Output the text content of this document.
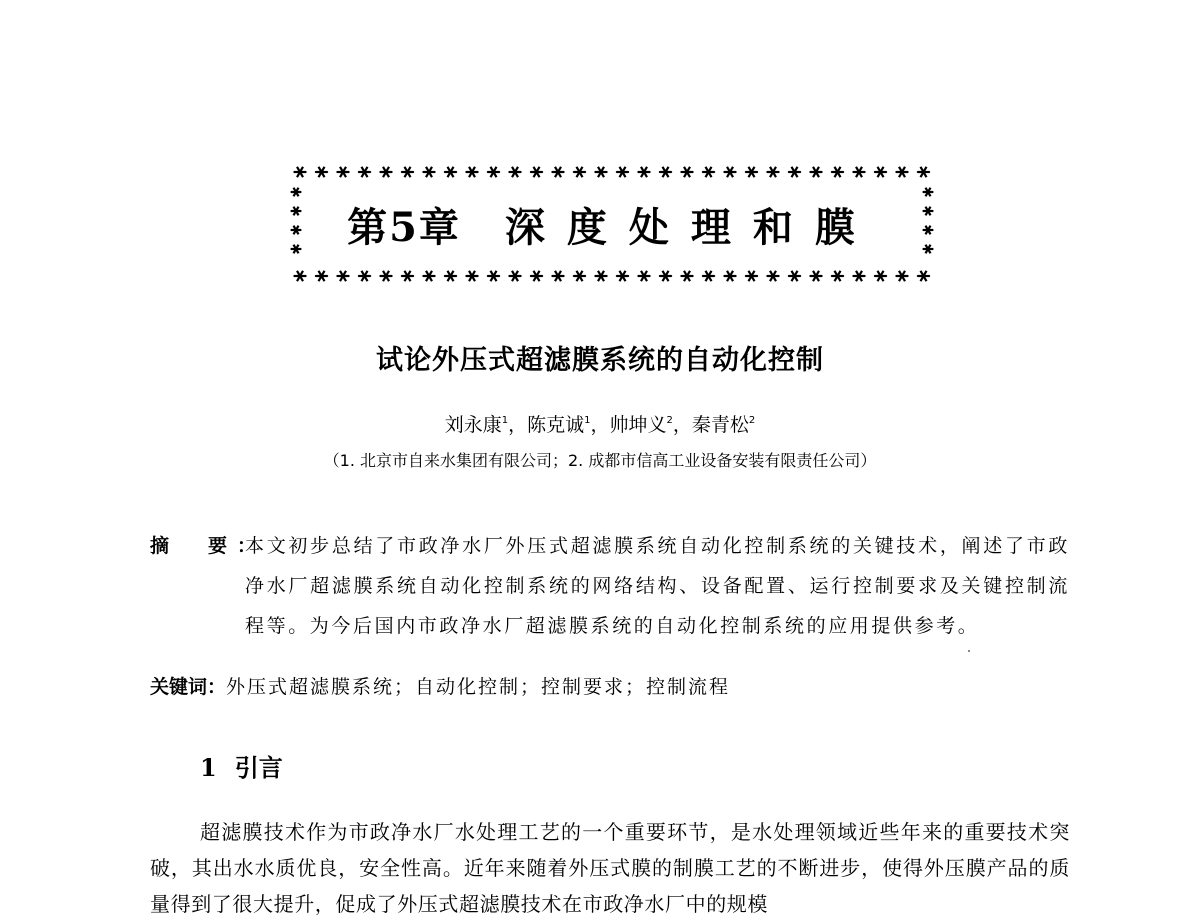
第5章 深度处理和膜
试论外压式超滤膜系统的自动化控制
刘永康$^1$，陈克诚$^1$，帅坤义$^2$，秦青松$^2$
（1. 北京市自来水集团有限公司；2. 成都市信高工业设备安装有限责任公司）
摘　要：
本文初步总结了市政净水厂外压式超滤膜系统自动化控制系统的关键技术，阐述了市政净水厂超滤膜系统自动化控制系统的网络结构、设备配置、运行控制要求及关键控制流程等。为今后国内市政净水厂超滤膜系统的自动化控制系统的应用提供参考。
关键词：外压式超滤膜系统；自动化控制；控制要求；控制流程
1 引言
超滤膜技术作为市政净水厂水处理工艺的一个重要环节，是水处理领域近些年来的重要技术突破，其出水水质优良，安全性高。近年来随着外压式膜的制膜工艺的不断进步，使得外压膜产品的质量得到了很大提升，促成了外压式超滤膜技术在市政净水厂中的规模
